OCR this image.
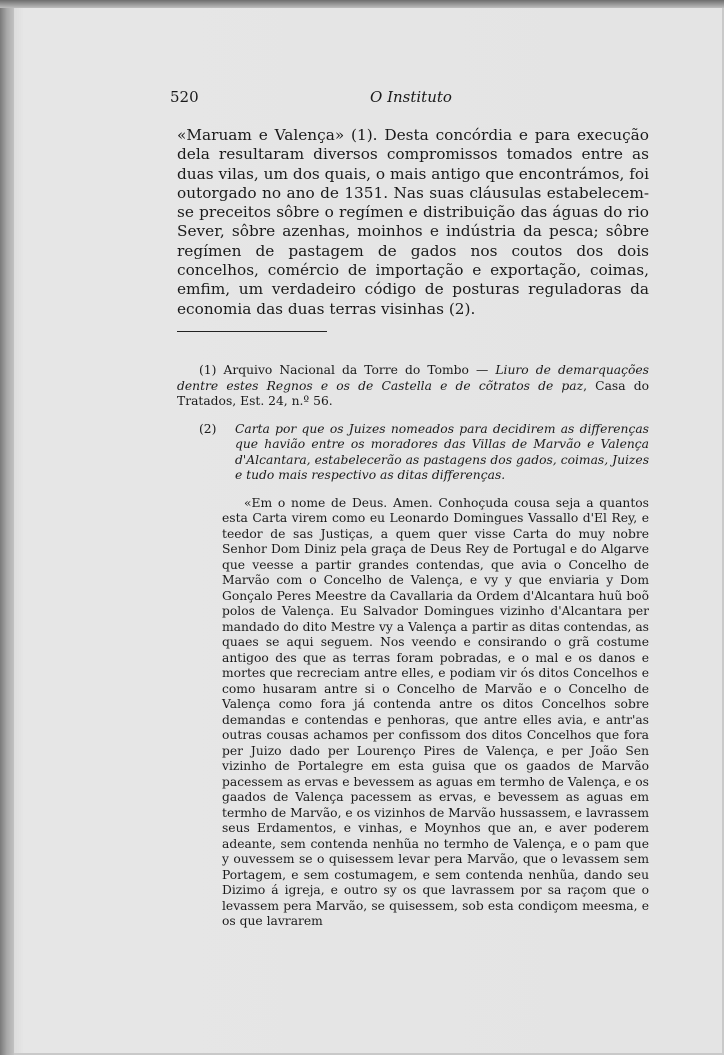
520	O Instituto

«Maruam e Valença» (1). Desta concórdia e para execução dela resultaram diversos compromissos tomados entre as duas vilas, um dos quais, o mais antigo que encontrámos, foi outorgado no ano de 1351. Nas suas cláusulas estabelecem-se preceitos sôbre o regímen e distribuição das águas do rio Sever, sôbre azenhas, moinhos e indústria da pesca; sôbre regímen de pastagem de gados nos coutos dos dois concelhos, comércio de importação e exportação, coimas, emfim, um verdadeiro código de posturas reguladoras da economia das duas terras visinhas (2).

(1) Arquivo Nacional da Torre do Tombo — Liuro de demarquações dentre estes Regnos e os de Castella e de cõtratos de paz, Casa do Tratados, Est. 24, n.º 56.

(2)	Carta por que os Juizes nomeados para decidirem as differenças que havião entre os moradores das Villas de Marvão e Valença d'Alcantara, estabelecerão as pastagens dos gados, coimas, Juizes e tudo mais respectivo as ditas differenças.

«Em o nome de Deus. Amen. Conhoçuda cousa seja a quantos esta Carta virem como eu Leonardo Domingues Vassallo d'El Rey, e teedor de sas Justiças, a quem quer visse Carta do muy nobre Senhor Dom Diniz pela graça de Deus Rey de Portugal e do Algarve que veesse a partir grandes contendas, que avia o Concelho de Marvão com o Concelho de Valença, e vy y que enviaria y Dom Gonçalo Peres Meestre da Cavallaria da Ordem d'Alcantara huũ boõ polos de Valença. Eu Salvador Domingues vizinho d'Alcantara per mandado do dito Mestre vy a Valença a partir as ditas contendas, as quaes se aqui seguem. Nos veendo e consirando o grã costume antigoo des que as terras foram pobradas, e o mal e os danos e mortes que recreciam antre elles, e podiam vir ós ditos Concelhos e como husaram antre si o Concelho de Marvão e o Concelho de Valença como fora já contenda antre os ditos Concelhos sobre demandas e contendas e penhoras, que antre elles avia, e antr'as outras cousas achamos per confissom dos ditos Concelhos que fora per Juizo dado per Lourenço Pires de Valença, e per João Sen vizinho de Portalegre em esta guisa que os gaados de Marvão pacessem as ervas e bevessem as aguas em termho de Valença, e os gaados de Valença pacessem as ervas, e bevessem as aguas em termho de Marvão, e os vizinhos de Marvão hussassem, e lavrassem seus Erdamentos, e vinhas, e Moynhos que an, e aver poderem adeante, sem contenda nenhũa no termho de Valença, e o pam que y ouvessem se o quisessem levar pera Marvão, que o levassem sem Portagem, e sem costumagem, e sem contenda nenhũa, dando seu Dizimo á igreja, e outro sy os que lavrassem por sa raçom que o levassem pera Marvão, se quisessem, sob esta condiçom meesma, e os que lavrarem
